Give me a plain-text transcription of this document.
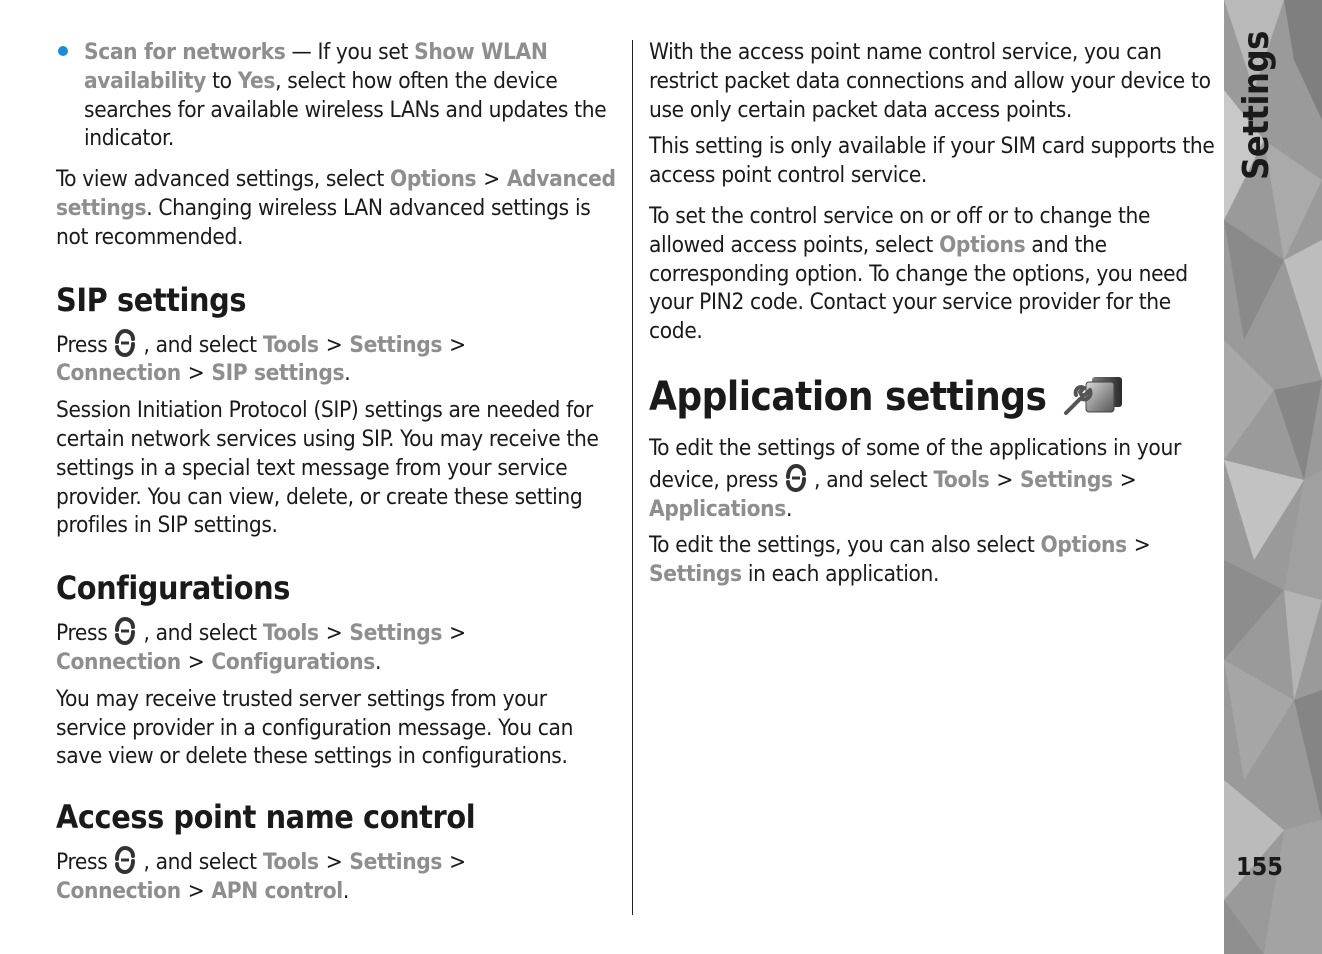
Scan for networks — If you set Show WLAN availability to Yes, select how often the device searches for available wireless LANs and updates the indicator.

To view advanced settings, select Options > Advanced settings. Changing wireless LAN advanced settings is not recommended.

SIP settings

Press , and select Tools > Settings >
Connection > SIP settings.

Session Initiation Protocol (SIP) settings are needed for certain network services using SIP. You may receive the settings in a special text message from your service provider. You can view, delete, or create these setting profiles in SIP settings.

Configurations

Press , and select Tools > Settings >
Connection > Configurations.

You may receive trusted server settings from your service provider in a configuration message. You can save view or delete these settings in configurations.

Access point name control

Press , and select Tools > Settings >
Connection > APN control.

With the access point name control service, you can restrict packet data connections and allow your device to use only certain packet data access points.

This setting is only available if your SIM card supports the access point control service.

To set the control service on or off or to change the allowed access points, select Options and the corresponding option. To change the options, you need your PIN2 code. Contact your service provider for the code.

Application settings

To edit the settings of some of the applications in your device, press , and select Tools > Settings >
Applications.

To edit the settings, you can also select Options >
Settings in each application.

Settings
155
